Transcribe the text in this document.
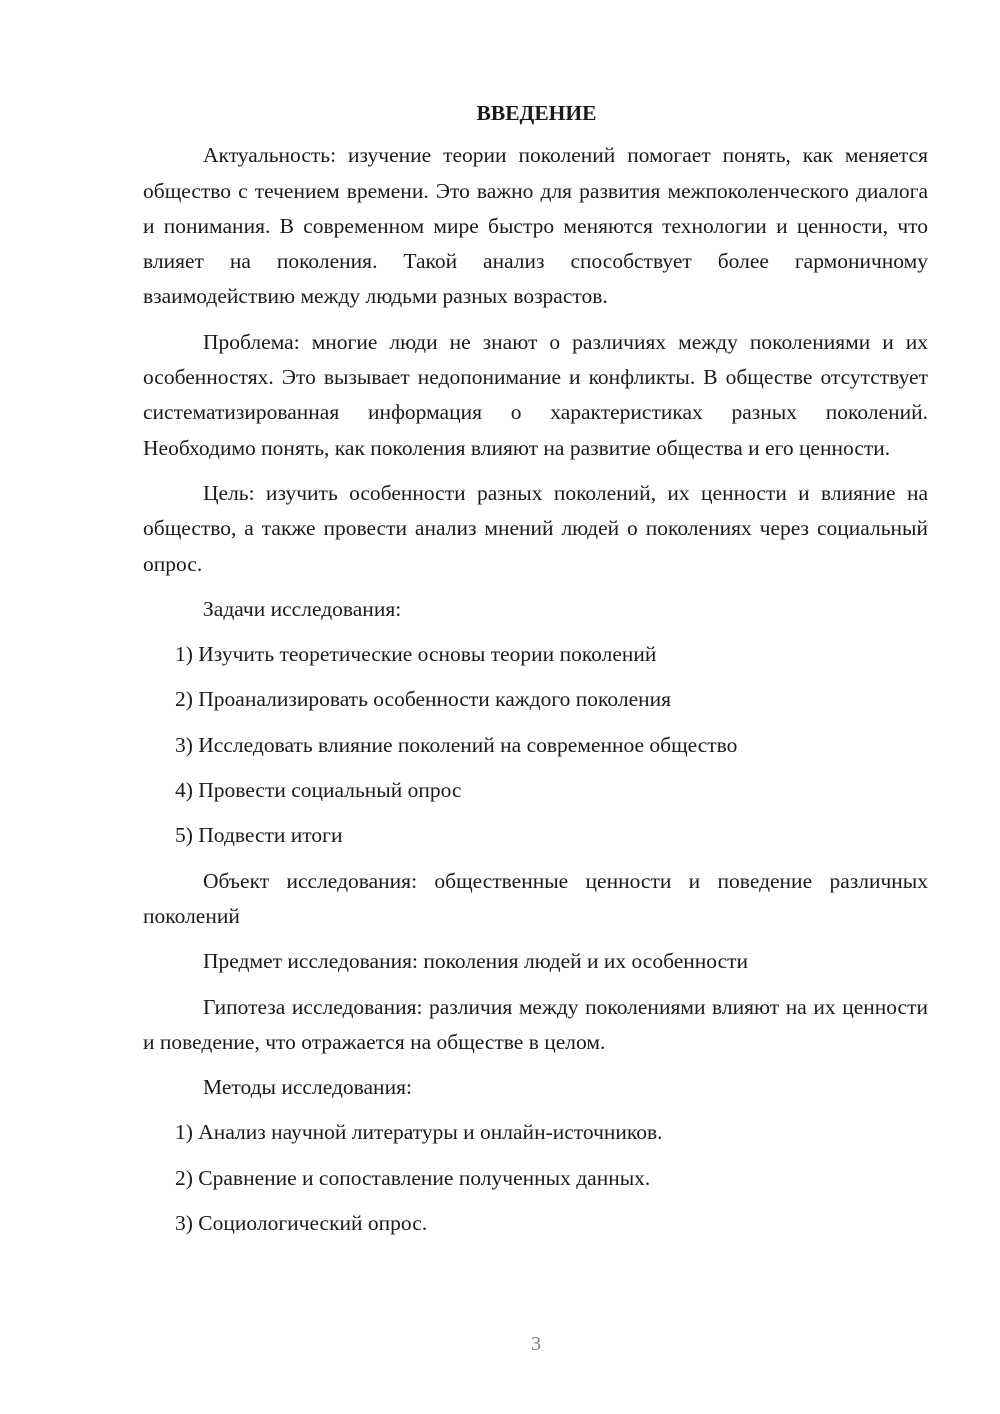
ВВЕДЕНИЕ

Актуальность: изучение теории поколений помогает понять, как меняется общество с течением времени. Это важно для развития межпоколенческого диалога и понимания. В современном мире быстро меняются технологии и ценности, что влияет на поколения. Такой анализ способствует более гармоничному взаимодействию между людьми разных возрастов.

Проблема: многие люди не знают о различиях между поколениями и их особенностях. Это вызывает недопонимание и конфликты. В обществе отсутствует систематизированная информация о характеристиках разных поколений. Необходимо понять, как поколения влияют на развитие общества и его ценности.

Цель: изучить особенности разных поколений, их ценности и влияние на общество, а также провести анализ мнений людей о поколениях через социальный опрос.

Задачи исследования:

1) Изучить теоретические основы теории поколений

2) Проанализировать особенности каждого поколения

3) Исследовать влияние поколений на современное общество

4) Провести социальный опрос

5) Подвести итоги

Объект исследования: общественные ценности и поведение различных поколений

Предмет исследования: поколения людей и их особенности

Гипотеза исследования: различия между поколениями влияют на их ценности и поведение, что отражается на обществе в целом.

Методы исследования:

1) Анализ научной литературы и онлайн-источников.

2) Сравнение и сопоставление полученных данных.

3) Социологический опрос.

3
